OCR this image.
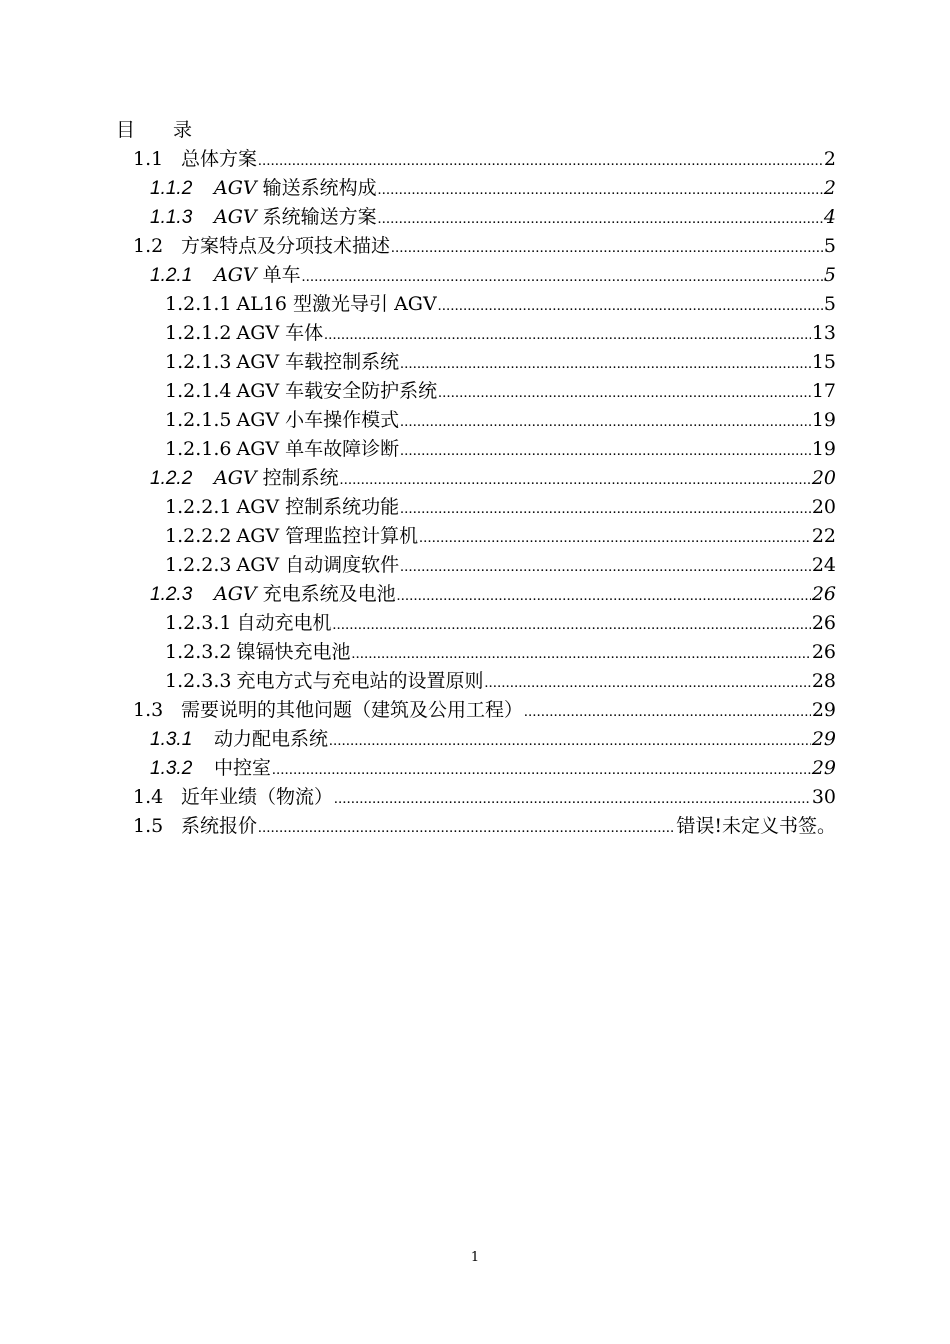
目 录
1.1 总体方案 .....	2
1.1.2	AGV 输送系统构成 .....	2
1.1.3	AGV 系统输送方案 .....	4
1.2 方案特点及分项技术描述 .....	5
1.2.1	AGV 单车 .....	5
1.2.1.1 AL16 型激光导引 AGV .....	5
1.2.1.2 AGV 车体 .....	13
1.2.1.3 AGV 车载控制系统 .....	15
1.2.1.4 AGV 车载安全防护系统 .....	17
1.2.1.5 AGV 小车操作模式 .....	19
1.2.1.6 AGV 单车故障诊断 .....	19
1.2.2	AGV 控制系统 .....	20
1.2.2.1 AGV 控制系统功能 .....	20
1.2.2.2 AGV 管理监控计算机 .....	22
1.2.2.3 AGV 自动调度软件 .....	24
1.2.3	AGV 充电系统及电池 .....	26
1.2.3.1 自动充电机 .....	26
1.2.3.2 镍镉快充电池 .....	26
1.2.3.3 充电方式与充电站的设置原则 .....	28
1.3 需要说明的其他问题（建筑及公用工程） .....	29
1.3.1	动力配电系统 .....	29
1.3.2	中控室 .....	29
1.4 近年业绩（物流） .....	30
1.5 系统报价 .....	错误!未定义书签。
1
